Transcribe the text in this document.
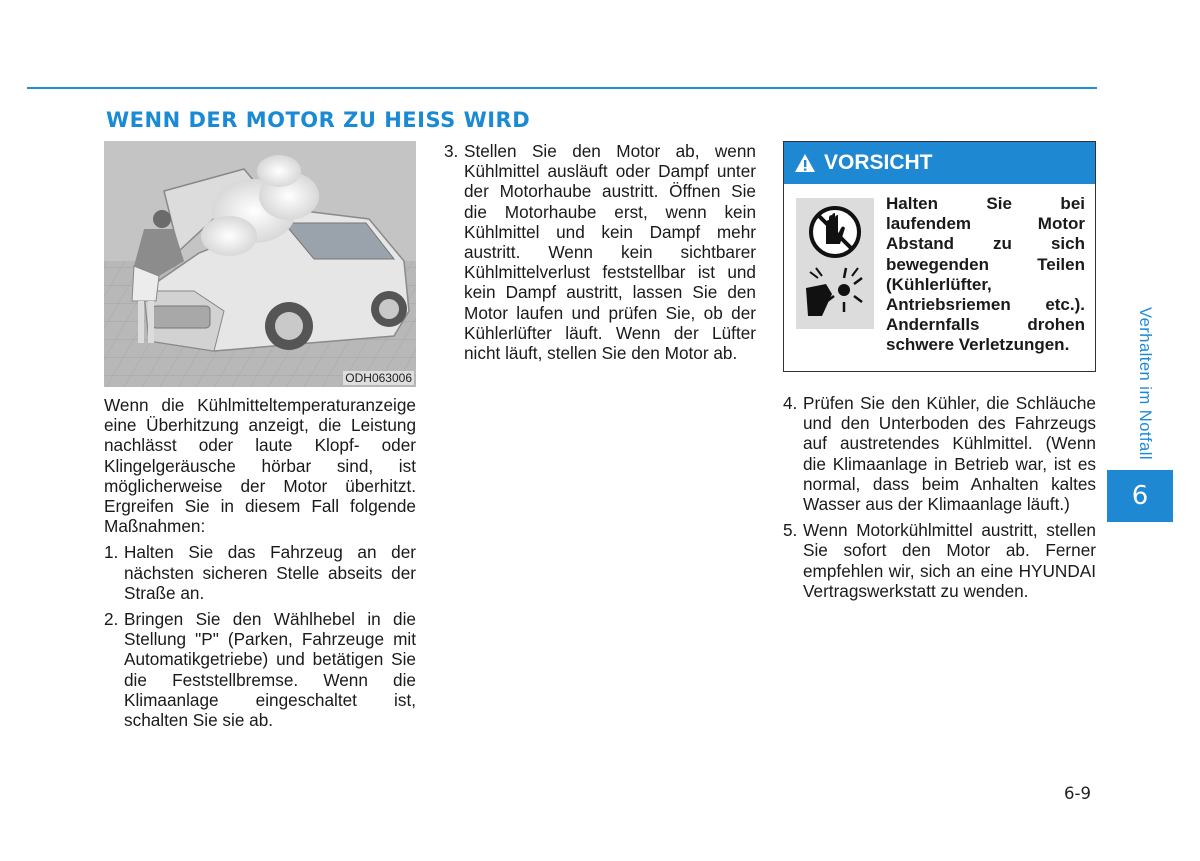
WENN DER MOTOR ZU HEISS WIRD
ODH063006

Wenn die Kühlmitteltemperaturanzeige eine Überhitzung anzeigt, die Leistung nachlässt oder laute Klopf- oder Klingelgeräusche hörbar sind, ist möglicherweise der Motor überhitzt. Ergreifen Sie in diesem Fall folgende Maßnahmen:

1. Halten Sie das Fahrzeug an der nächsten sicheren Stelle abseits der Straße an.
2. Bringen Sie den Wählhebel in die Stellung "P" (Parken, Fahrzeuge mit Automatikgetriebe) und betätigen Sie die Feststellbremse. Wenn die Klimaanlage eingeschaltet ist, schalten Sie sie ab.
3. Stellen Sie den Motor ab, wenn Kühlmittel ausläuft oder Dampf unter der Motorhaube austritt. Öffnen Sie die Motorhaube erst, wenn kein Kühlmittel und kein Dampf mehr austritt. Wenn kein sichtbarer Kühlmittelverlust feststellbar ist und kein Dampf austritt, lassen Sie den Motor laufen und prüfen Sie, ob der Kühlerlüfter läuft. Wenn der Lüfter nicht läuft, stellen Sie den Motor ab.
VORSICHT
Halten Sie bei laufendem Motor Abstand zu sich bewegenden Teilen (Kühlerlüfter, Antriebsriemen etc.). Andernfalls drohen schwere Verletzungen.
4. Prüfen Sie den Kühler, die Schläuche und den Unterboden des Fahrzeugs auf austretendes Kühlmittel. (Wenn die Klimaanlage in Betrieb war, ist es normal, dass beim Anhalten kaltes Wasser aus der Klimaanlage läuft.)
5. Wenn Motorkühlmittel austritt, stellen Sie sofort den Motor ab. Ferner empfehlen wir, sich an eine HYUNDAI Vertragswerkstatt zu wenden.
Verhalten im Notfall
6
6-9
